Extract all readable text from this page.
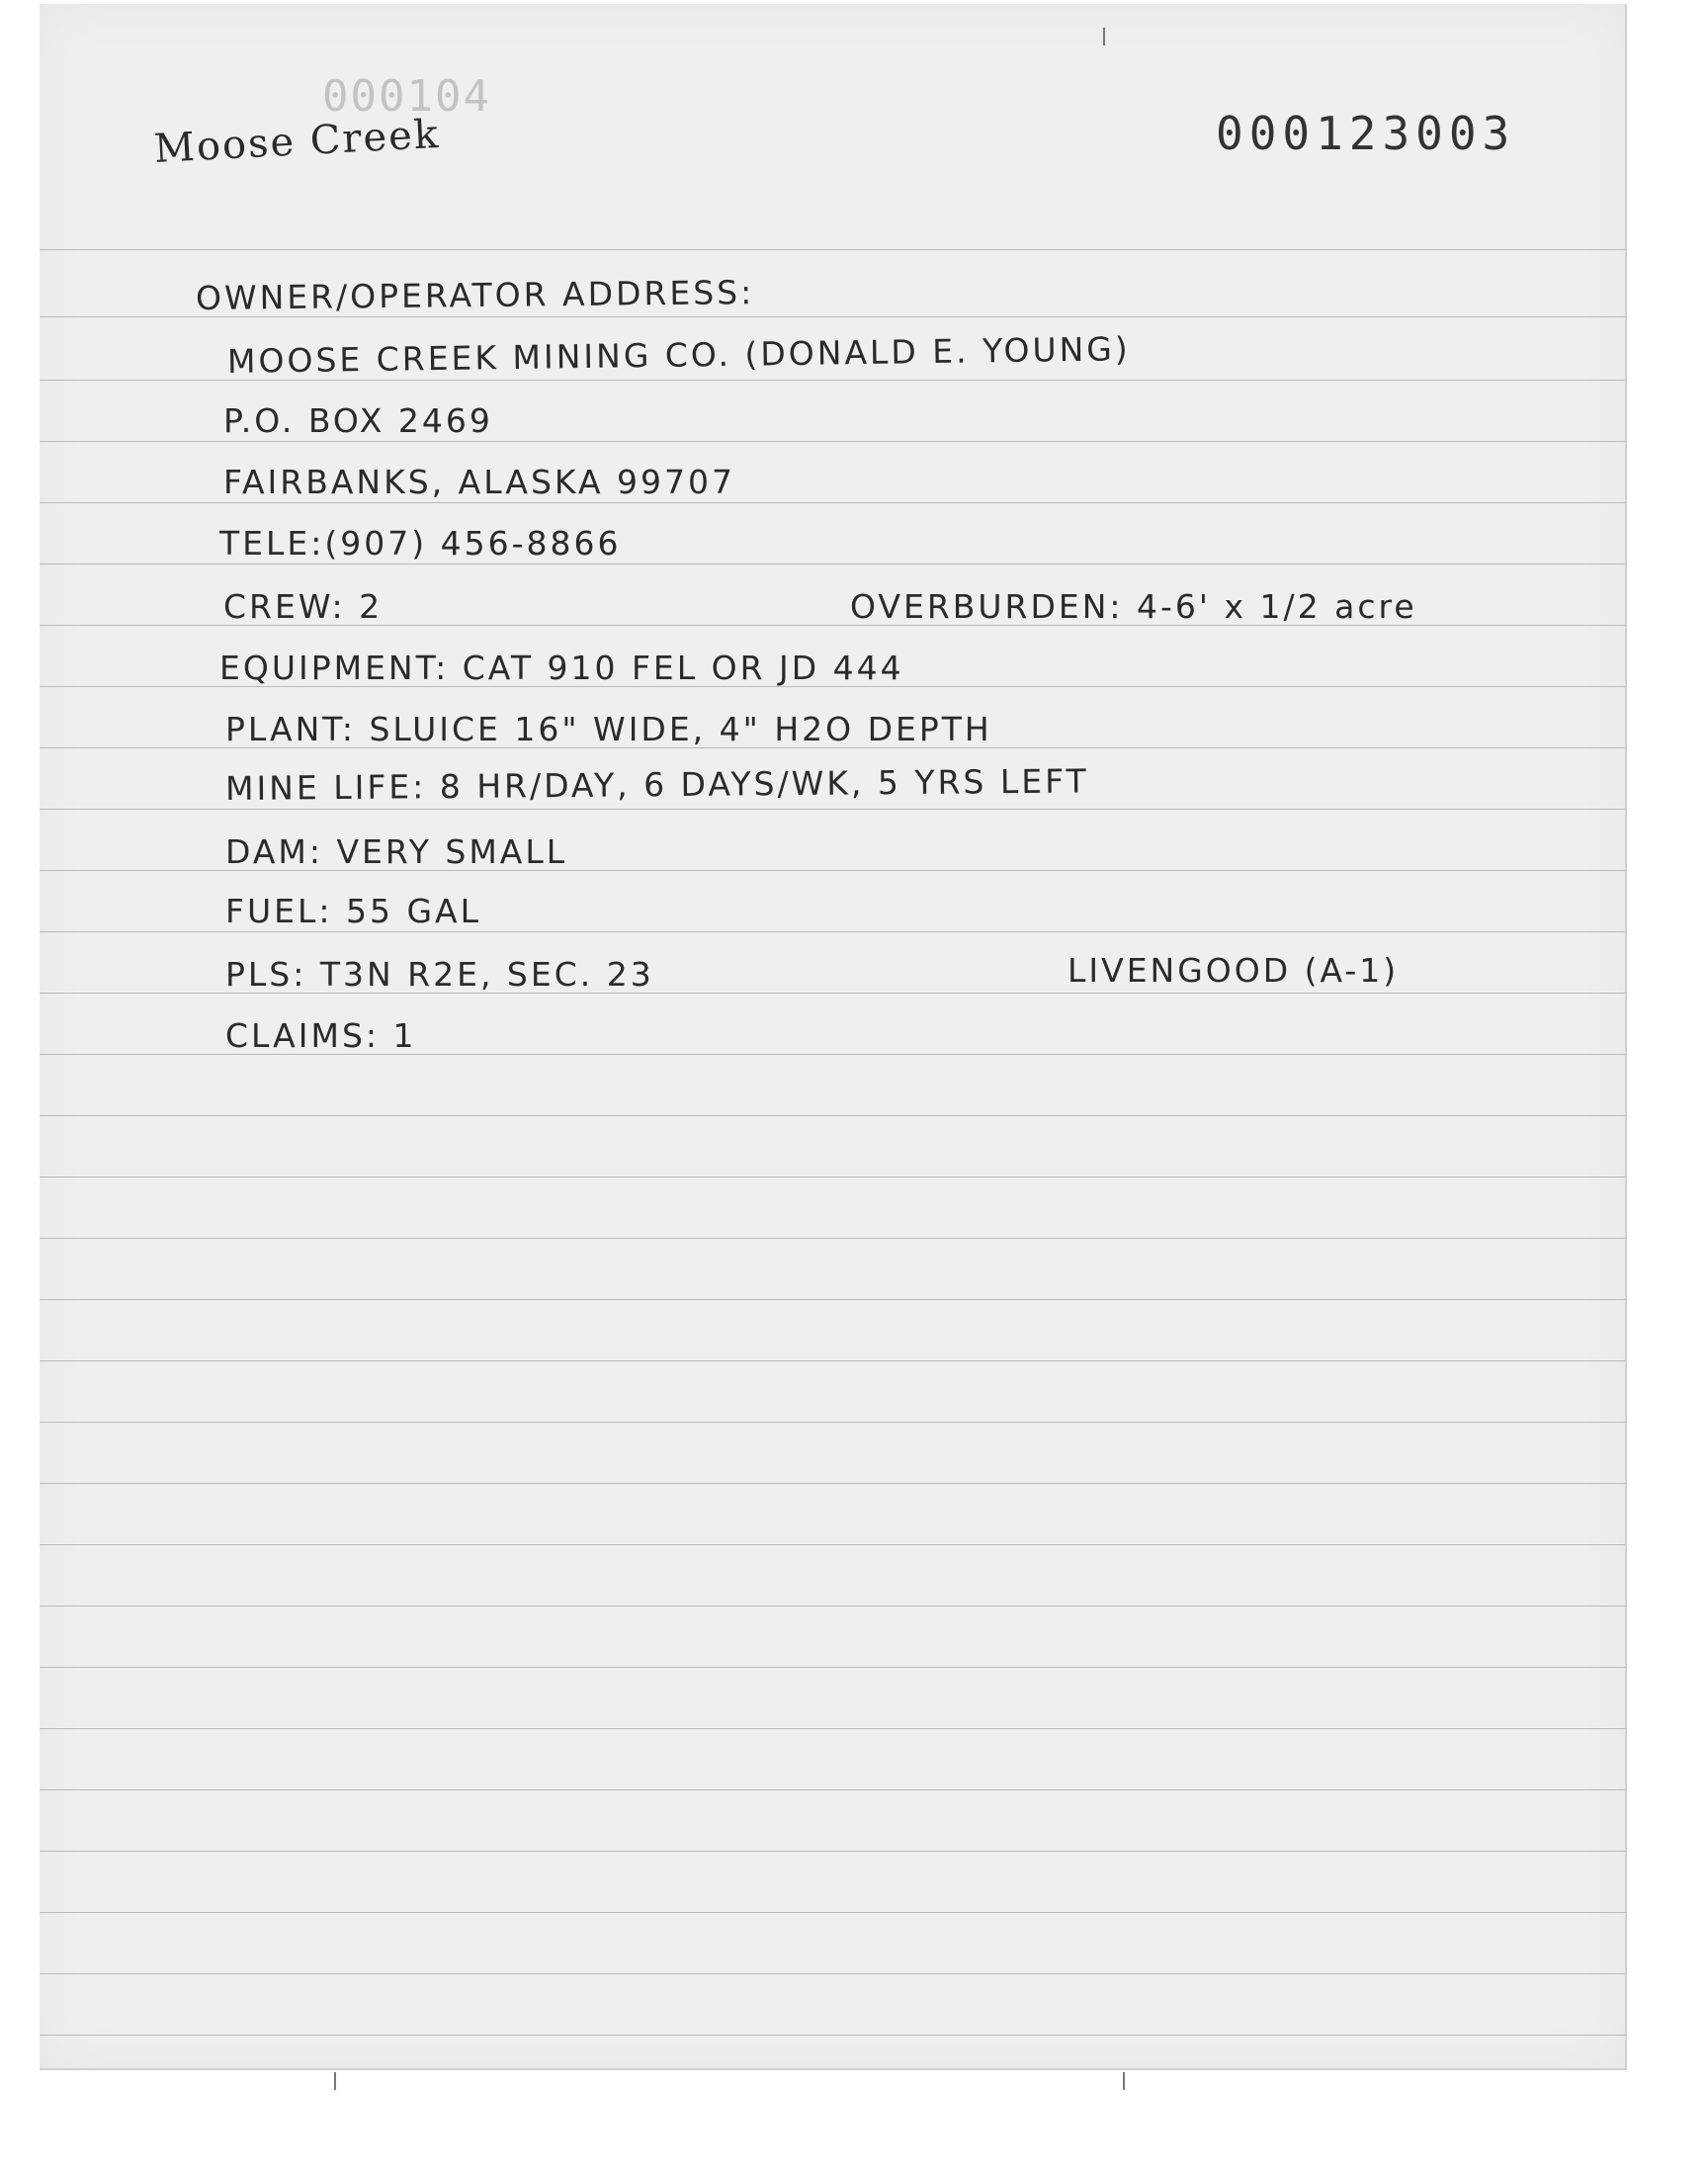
000104
Moose Creek	000123003
OWNER/OPERATOR ADDRESS:
MOOSE CREEK MINING CO. (DONALD E. YOUNG)
P.O. BOX 2469
FAIRBANKS, ALASKA 99707
TELE:(907) 456-8866
CREW: 2	OVERBURDEN: 4-6' x 1/2 acre
EQUIPMENT: CAT 910 FEL OR JD 444
PLANT: SLUICE 16" WIDE, 4" H2O DEPTH
MINE LIFE: 8 HR/DAY, 6 DAYS/WK, 5 YRS LEFT
DAM: VERY SMALL
FUEL: 55 GAL
PLS: T3N R2E, SEC. 23	LIVENGOOD (A-1)
CLAIMS: 1
